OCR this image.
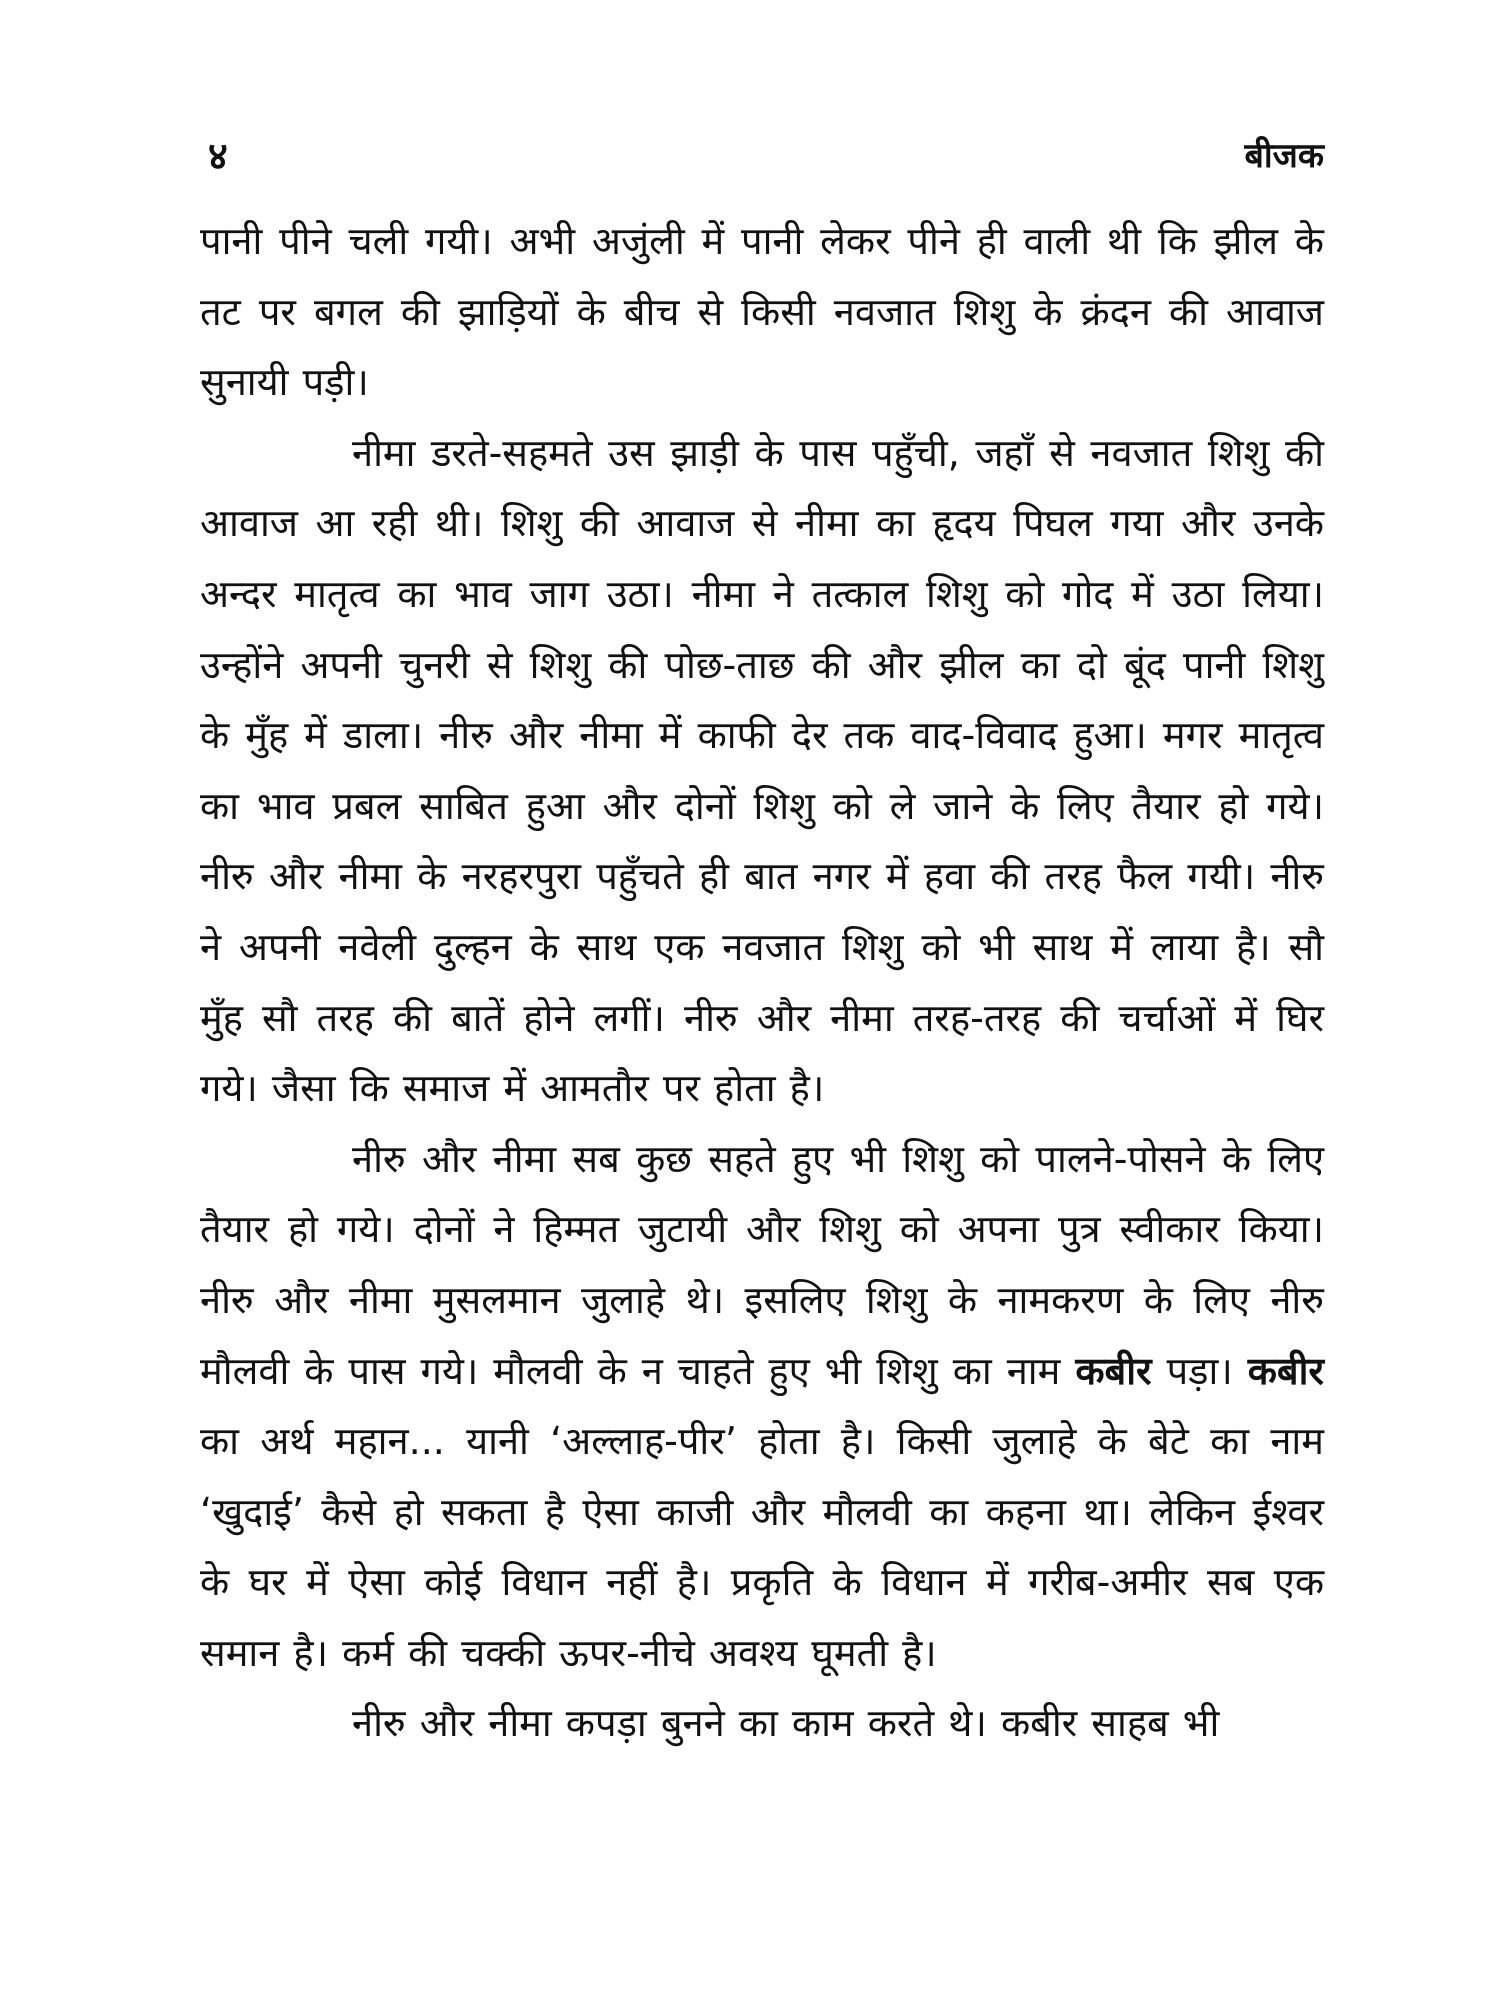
४	बीजक

पानी पीने चली गयी। अभी अजुंली में पानी लेकर पीने ही वाली थी कि झील के तट पर बगल की झाड़ियों के बीच से किसी नवजात शिशु के क्रंदन की आवाज सुनायी पड़ी।

नीमा डरते-सहमते उस झाड़ी के पास पहुँची, जहाँ से नवजात शिशु की आवाज आ रही थी। शिशु की आवाज से नीमा का हृदय पिघल गया और उनके अन्दर मातृत्व का भाव जाग उठा। नीमा ने तत्काल शिशु को गोद में उठा लिया। उन्होंने अपनी चुनरी से शिशु की पोछ-ताछ की और झील का दो बूंद पानी शिशु के मुँह में डाला। नीरु और नीमा में काफी देर तक वाद-विवाद हुआ। मगर मातृत्व का भाव प्रबल साबित हुआ और दोनों शिशु को ले जाने के लिए तैयार हो गये। नीरु और नीमा के नरहरपुरा पहुँचते ही बात नगर में हवा की तरह फैल गयी। नीरु ने अपनी नवेली दुल्हन के साथ एक नवजात शिशु को भी साथ में लाया है। सौ मुँह सौ तरह की बातें होने लगीं। नीरु और नीमा तरह-तरह की चर्चाओं में घिर गये। जैसा कि समाज में आमतौर पर होता है।

नीरु और नीमा सब कुछ सहते हुए भी शिशु को पालने-पोसने के लिए तैयार हो गये। दोनों ने हिम्मत जुटायी और शिशु को अपना पुत्र स्वीकार किया। नीरु और नीमा मुसलमान जुलाहे थे। इसलिए शिशु के नामकरण के लिए नीरु मौलवी के पास गये। मौलवी के न चाहते हुए भी शिशु का नाम कबीर पड़ा। कबीर का अर्थ महान... यानी ‘अल्लाह-पीर’ होता है। किसी जुलाहे के बेटे का नाम ‘खुदाई’ कैसे हो सकता है ऐसा काजी और मौलवी का कहना था। लेकिन ईश्वर के घर में ऐसा कोई विधान नहीं है। प्रकृति के विधान में गरीब-अमीर सब एक समान है। कर्म की चक्की ऊपर-नीचे अवश्य घूमती है।

नीरु और नीमा कपड़ा बुनने का काम करते थे। कबीर साहब भी
